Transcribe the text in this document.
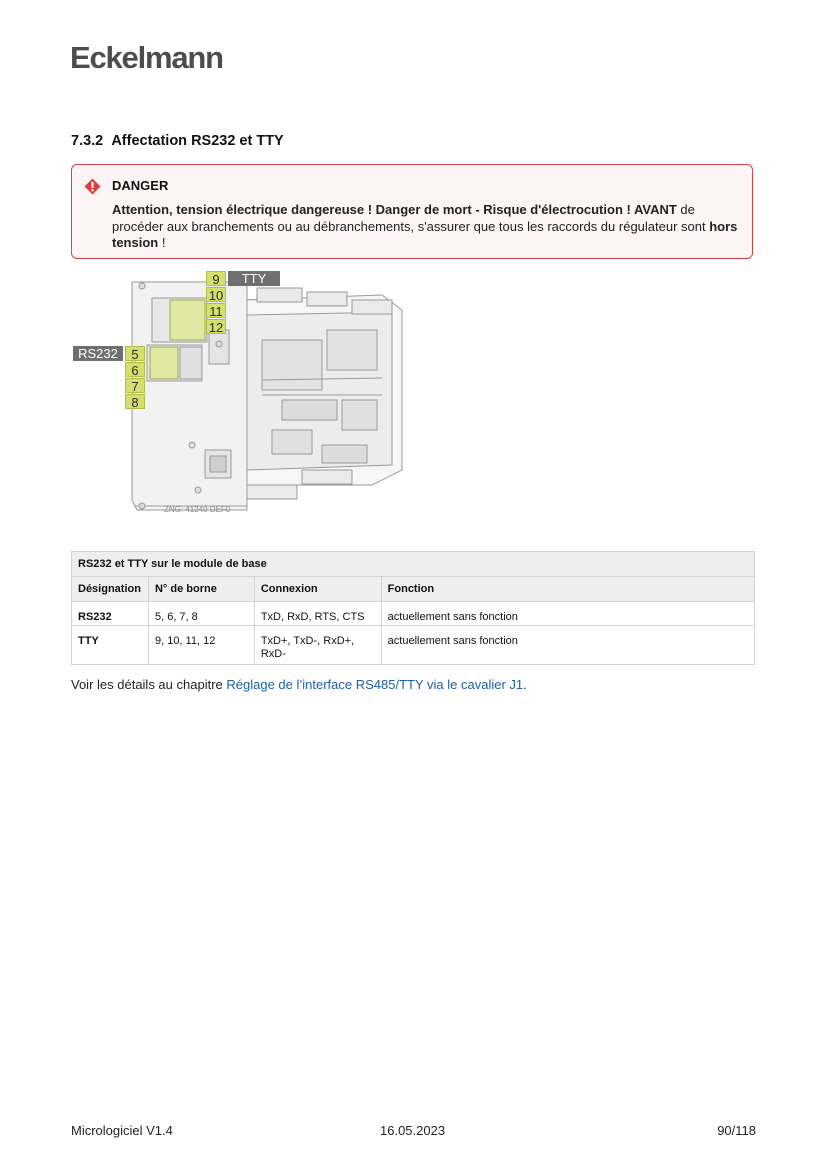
Eckelmann
7.3.2 Affectation RS232 et TTY
DANGER
Attention, tension électrique dangereuse ! Danger de mort - Risque d'électrocution ! AVANT de procéder aux branchements ou au débranchements, s'assurer que tous les raccords du régulateur sont hors tension !
ZNG: 41240 DEF0
9	TTY
10
11
12
RS232	5
6
7
8
RS232 et TTY sur le module de base			
Désignation	N° de borne	Connexion	Fonction
RS232	5, 6, 7, 8	TxD, RxD, RTS, CTS	actuellement sans fonction
TTY	9, 10, 11, 12	TxD+, TxD-, RxD+, RxD-	actuellement sans fonction
Voir les détails au chapitre Réglage de l’interface RS485/TTY via le cavalier J1.
Micrologiciel V1.4	16.05.2023	90/118
